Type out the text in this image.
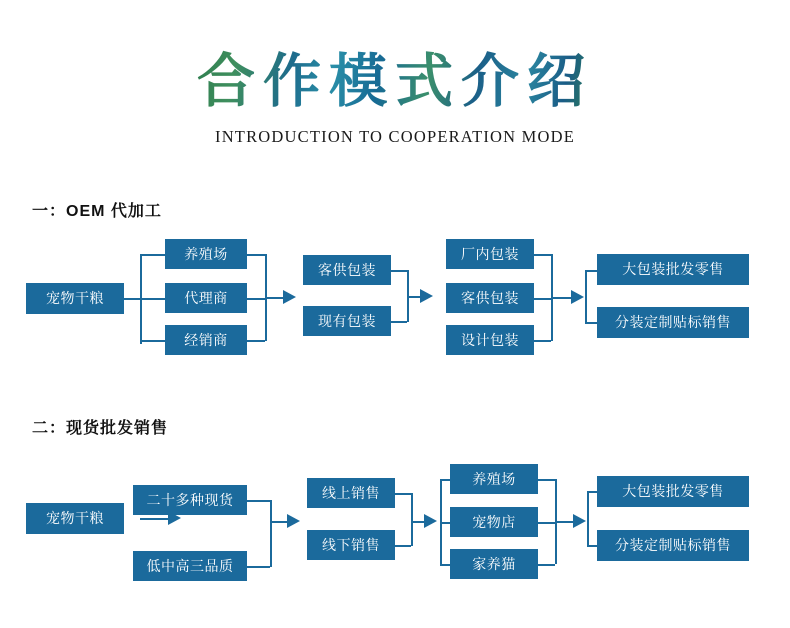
合作模式介绍
INTRODUCTION TO COOPERATION MODE
一：OEM 代加工
宠物干粮
养殖场
代理商
经销商
客供包装
现有包装
厂内包装
客供包装
设计包装
大包装批发零售
分装定制贴标销售
二：现货批发销售
宠物干粮
二十多种现货
低中高三品质
线上销售
线下销售
养殖场
宠物店
家养猫
大包装批发零售
分装定制贴标销售
